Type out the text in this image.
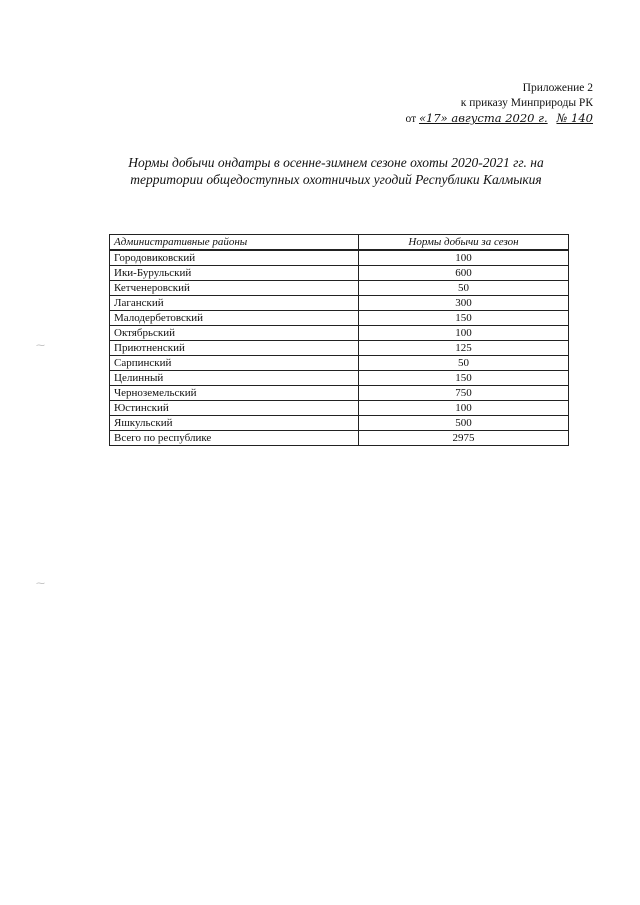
Приложение 2
к приказу Минприроды РК
от «17» августа 2020 г. № 140
Нормы добычи ондатры в осенне-зимнем сезоне охоты 2020-2021 гг. на территории общедоступных охотничьих угодий Республики Калмыкия
Административные районы	Нормы добычи за сезон
Городовиковский	100
Ики-Бурульский	600
Кетченеровский	50
Лаганский	300
Малодербетовский	150
Октябрьский	100
Приютненский	125
Сарпинский	50
Целинный	150
Черноземельский	750
Юстинский	100
Яшкульский	500
Всего по республике	2975
⁓
⁓
